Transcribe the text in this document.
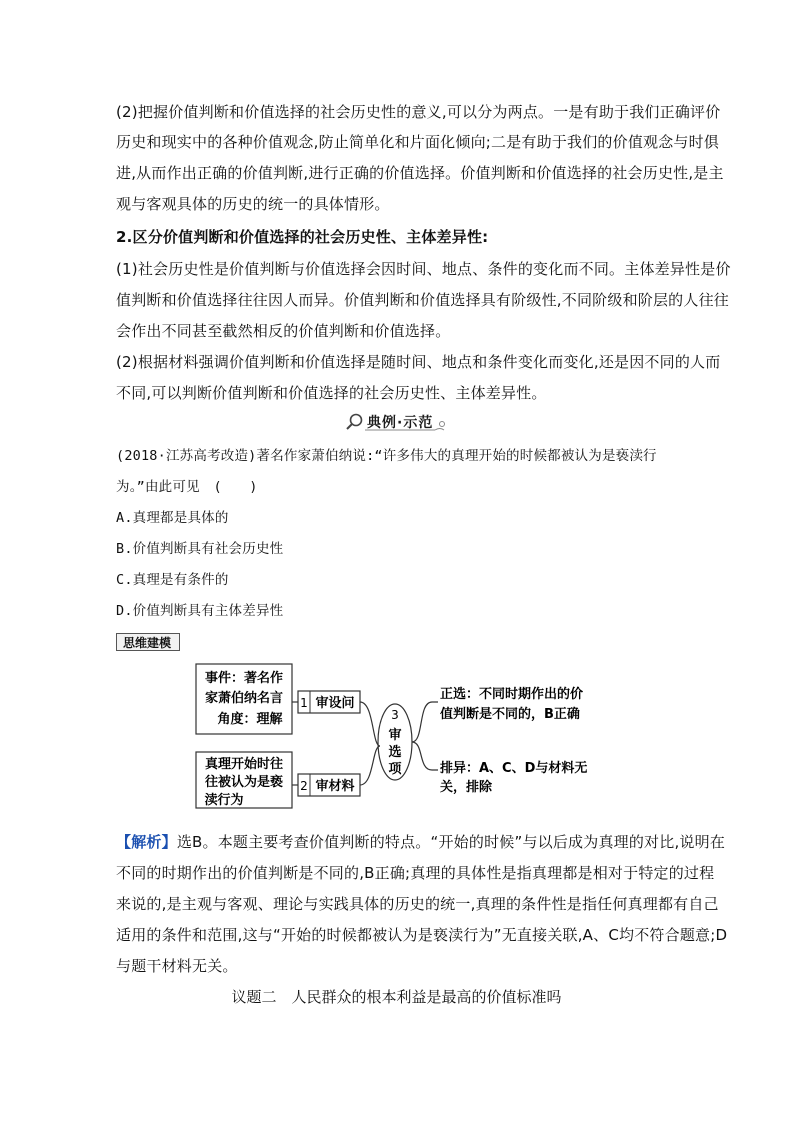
(2)把握价值判断和价值选择的社会历史性的意义,可以分为两点。一是有助于我们正确评价
历史和现实中的各种价值观念,防止简单化和片面化倾向;二是有助于我们的价值观念与时俱
进,从而作出正确的价值判断,进行正确的价值选择。价值判断和价值选择的社会历史性,是主
观与客观具体的历史的统一的具体情形。
2.区分价值判断和价值选择的社会历史性、主体差异性:
(1)社会历史性是价值判断与价值选择会因时间、地点、条件的变化而不同。主体差异性是价
值判断和价值选择往往因人而异。价值判断和价值选择具有阶级性,不同阶级和阶层的人往往
会作出不同甚至截然相反的价值判断和价值选择。
(2)根据材料强调价值判断和价值选择是随时间、地点和条件变化而变化,还是因不同的人而
不同,可以判断价值判断和价值选择的社会历史性、主体差异性。
典例·示范
(2018·江苏高考改造)著名作家萧伯纳说:“许多伟大的真理开始的时候都被认为是亵渎行
为。”由此可见　(　　)
A.真理都是具体的
B.价值判断具有社会历史性
C.真理是有条件的
D.价值判断具有主体差异性
思维建模
事件：著名作
家萧伯纳名言
角度：理解
真理开始时往
往被认为是亵
渎行为
1 审设问
2 审材料
3
审
选
项
正选：不同时期作出的价
值判断是不同的，B正确
排异：A、C、D与材料无
关，排除
【解析】选B。本题主要考查价值判断的特点。“开始的时候”与以后成为真理的对比,说明在
不同的时期作出的价值判断是不同的,B正确;真理的具体性是指真理都是相对于特定的过程
来说的,是主观与客观、理论与实践具体的历史的统一,真理的条件性是指任何真理都有自己
适用的条件和范围,这与“开始的时候都被认为是亵渎行为”无直接关联,A、C均不符合题意;D
与题干材料无关。
议题二　人民群众的根本利益是最高的价值标准吗
